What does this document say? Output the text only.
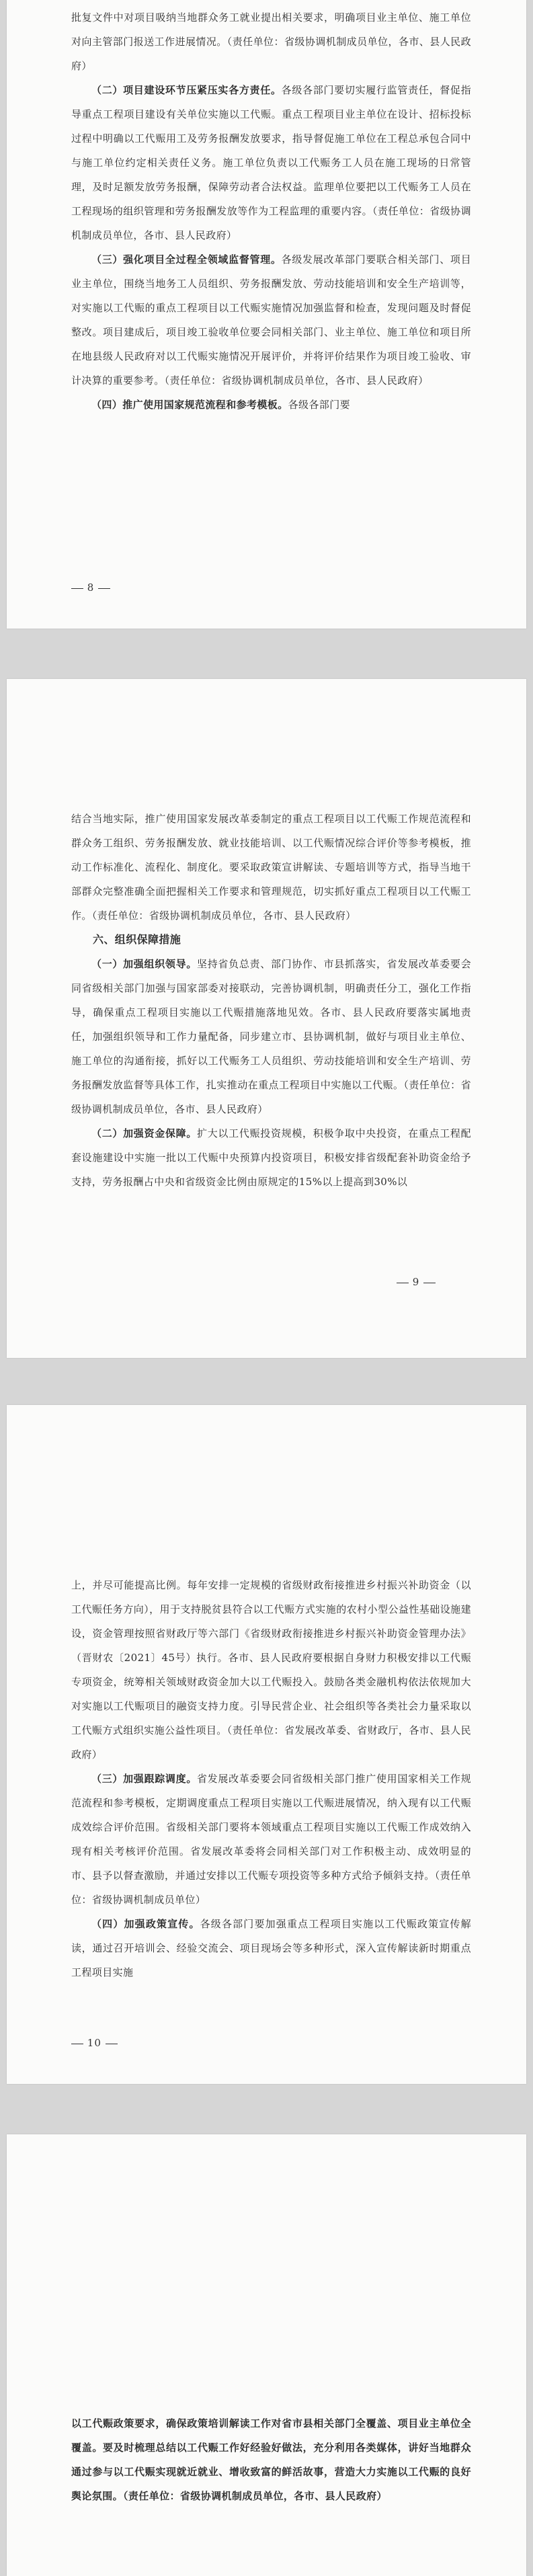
批复文件中对项目吸纳当地群众务工就业提出相关要求，明确项目业主单位、施工单位对向主管部门报送工作进展情况。（责任单位：省级协调机制成员单位，各市、县人民政府）

（二）项目建设环节压紧压实各方责任。各级各部门要切实履行监管责任，督促指导重点工程项目建设有关单位实施以工代赈。重点工程项目业主单位在设计、招标投标过程中明确以工代赈用工及劳务报酬发放要求，指导督促施工单位在工程总承包合同中与施工单位约定相关责任义务。施工单位负责以工代赈务工人员在施工现场的日常管理，及时足额发放劳务报酬，保障劳动者合法权益。监理单位要把以工代赈务工人员在工程现场的组织管理和劳务报酬发放等作为工程监理的重要内容。（责任单位：省级协调机制成员单位，各市、县人民政府）

（三）强化项目全过程全领域监督管理。各级发展改革部门要联合相关部门、项目业主单位，围绕当地务工人员组织、劳务报酬发放、劳动技能培训和安全生产培训等，对实施以工代赈的重点工程项目以工代赈实施情况加强监督和检查，发现问题及时督促整改。项目建成后，项目竣工验收单位要会同相关部门、业主单位、施工单位和项目所在地县级人民政府对以工代赈实施情况开展评价，并将评价结果作为项目竣工验收、审计决算的重要参考。（责任单位：省级协调机制成员单位，各市、县人民政府）

（四）推广使用国家规范流程和参考模板。各级各部门要

8

结合当地实际，推广使用国家发展改革委制定的重点工程项目以工代赈工作规范流程和群众务工组织、劳务报酬发放、就业技能培训、以工代赈情况综合评价等参考模板，推动工作标准化、流程化、制度化。要采取政策宣讲解读、专题培训等方式，指导当地干部群众完整准确全面把握相关工作要求和管理规范，切实抓好重点工程项目以工代赈工作。（责任单位：省级协调机制成员单位，各市、县人民政府）

六、组织保障措施

（一）加强组织领导。坚持省负总责、部门协作、市县抓落实，省发展改革委要会同省级相关部门加强与国家部委对接联动，完善协调机制，明确责任分工，强化工作指导，确保重点工程项目实施以工代赈措施落地见效。各市、县人民政府要落实属地责任，加强组织领导和工作力量配备，同步建立市、县协调机制，做好与项目业主单位、施工单位的沟通衔接，抓好以工代赈务工人员组织、劳动技能培训和安全生产培训、劳务报酬发放监督等具体工作，扎实推动在重点工程项目中实施以工代赈。（责任单位：省级协调机制成员单位，各市、县人民政府）

（二）加强资金保障。扩大以工代赈投资规模，积极争取中央投资，在重点工程配套设施建设中实施一批以工代赈中央预算内投资项目，积极安排省级配套补助资金给予支持，劳务报酬占中央和省级资金比例由原规定的15%以上提高到30%以

9

上，并尽可能提高比例。每年安排一定规模的省级财政衔接推进乡村振兴补助资金（以工代赈任务方向），用于支持脱贫县符合以工代赈方式实施的农村小型公益性基础设施建设，资金管理按照省财政厅等六部门《省级财政衔接推进乡村振兴补助资金管理办法》（晋财农〔2021〕45号）执行。各市、县人民政府要根据自身财力积极安排以工代赈专项资金，统筹相关领域财政资金加大以工代赈投入。鼓励各类金融机构依法依规加大对实施以工代赈项目的融资支持力度。引导民营企业、社会组织等各类社会力量采取以工代赈方式组织实施公益性项目。（责任单位：省发展改革委、省财政厅，各市、县人民政府）

（三）加强跟踪调度。省发展改革委要会同省级相关部门推广使用国家相关工作规范流程和参考模板，定期调度重点工程项目实施以工代赈进展情况，纳入现有以工代赈成效综合评价范围。省级相关部门要将本领域重点工程项目实施以工代赈工作成效纳入现有相关考核评价范围。省发展改革委将会同相关部门对工作积极主动、成效明显的市、县予以督查激励，并通过安排以工代赈专项投资等多种方式给予倾斜支持。（责任单位：省级协调机制成员单位）

（四）加强政策宣传。各级各部门要加强重点工程项目实施以工代赈政策宣传解读，通过召开培训会、经验交流会、项目现场会等多种形式，深入宣传解读新时期重点工程项目实施

10

以工代赈政策要求，确保政策培训解读工作对省市县相关部门全覆盖、项目业主单位全覆盖。要及时梳理总结以工代赈工作好经验好做法，充分利用各类媒体，讲好当地群众通过参与以工代赈实现就近就业、增收致富的鲜活故事，营造大力实施以工代赈的良好舆论氛围。（责任单位：省级协调机制成员单位，各市、县人民政府）
